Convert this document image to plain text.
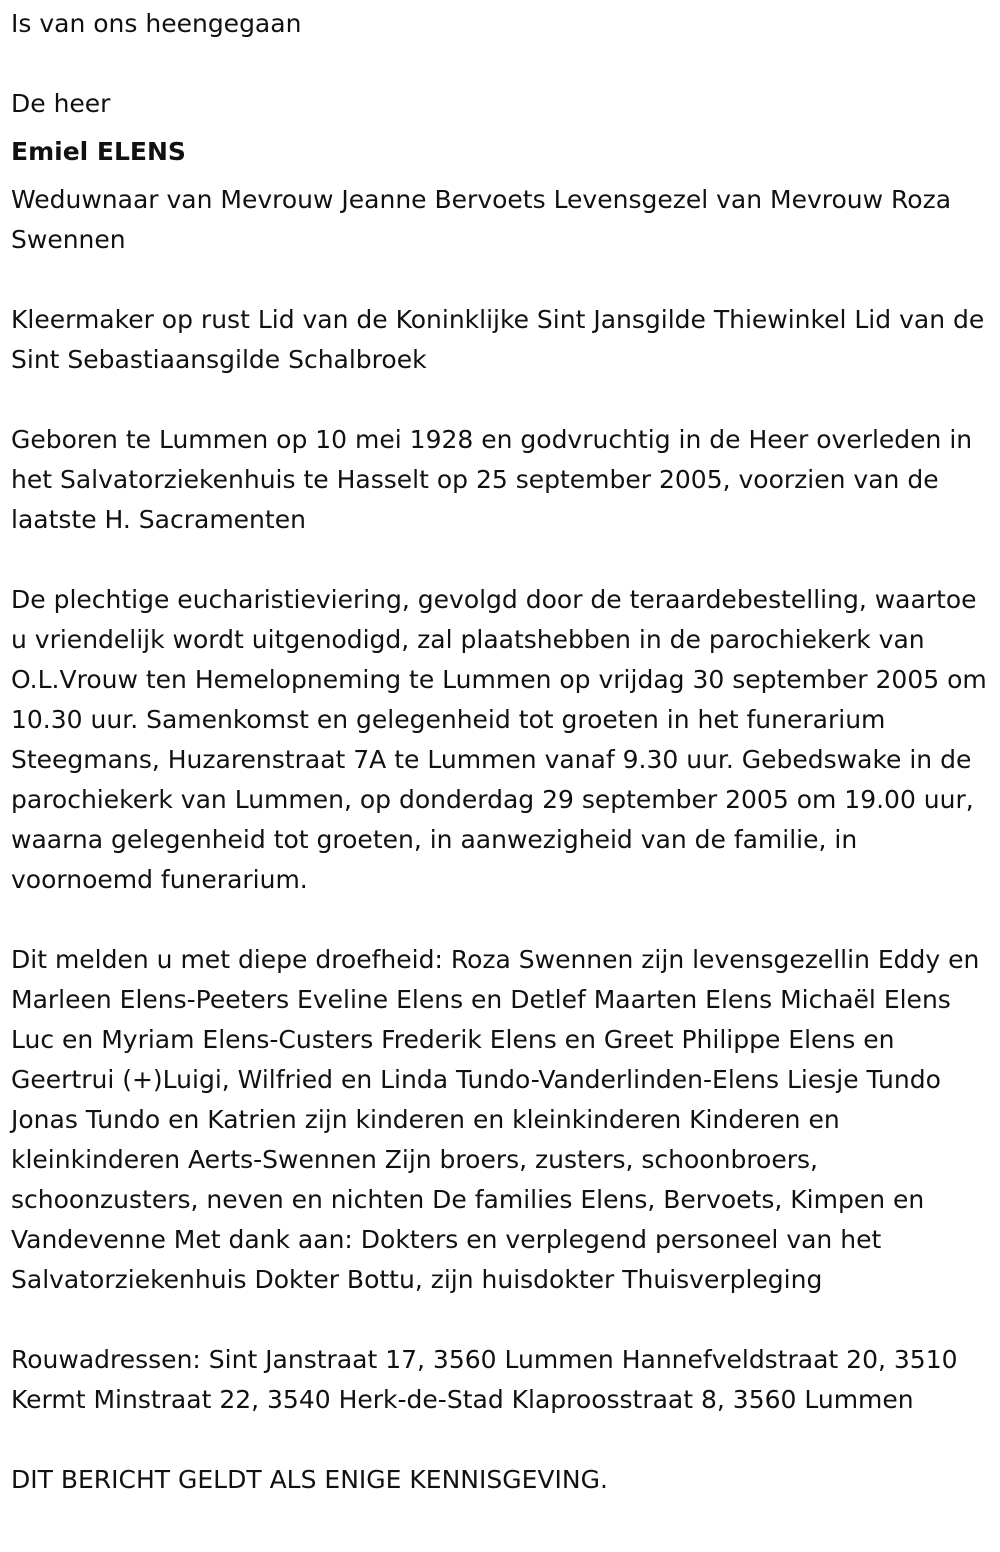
Is van ons heengegaan

De heer

Emiel ELENS

Weduwnaar van Mevrouw Jeanne Bervoets Levensgezel van Mevrouw Roza Swennen

Kleermaker op rust Lid van de Koninklijke Sint Jansgilde Thiewinkel Lid van de Sint Sebastiaansgilde Schalbroek

Geboren te Lummen op 10 mei 1928 en godvruchtig in de Heer overleden in het Salvatorziekenhuis te Hasselt op 25 september 2005, voorzien van de laatste H. Sacramenten

De plechtige eucharistieviering, gevolgd door de teraardebestelling, waartoe u vriendelijk wordt uitgenodigd, zal plaatshebben in de parochiekerk van O.L.Vrouw ten Hemelopneming te Lummen op vrijdag 30 september 2005 om 10.30 uur. Samenkomst en gelegenheid tot groeten in het funerarium Steegmans, Huzarenstraat 7A te Lummen vanaf 9.30 uur. Gebedswake in de parochiekerk van Lummen, op donderdag 29 september 2005 om 19.00 uur, waarna gelegenheid tot groeten, in aanwezigheid van de familie, in voornoemd funerarium.

Dit melden u met diepe droefheid: Roza Swennen zijn levensgezellin Eddy en Marleen Elens-Peeters Eveline Elens en Detlef Maarten Elens Michaël Elens Luc en Myriam Elens-Custers Frederik Elens en Greet Philippe Elens en Geertrui (+)Luigi, Wilfried en Linda Tundo-Vanderlinden-Elens Liesje Tundo Jonas Tundo en Katrien zijn kinderen en kleinkinderen Kinderen en kleinkinderen Aerts-Swennen Zijn broers, zusters, schoonbroers, schoonzusters, neven en nichten De families Elens, Bervoets, Kimpen en Vandevenne Met dank aan: Dokters en verplegend personeel van het Salvatorziekenhuis Dokter Bottu, zijn huisdokter Thuisverpleging

Rouwadressen: Sint Janstraat 17, 3560 Lummen Hannefveldstraat 20, 3510 Kermt Minstraat 22, 3540 Herk-de-Stad Klaproosstraat 8, 3560 Lummen

DIT BERICHT GELDT ALS ENIGE KENNISGEVING.
